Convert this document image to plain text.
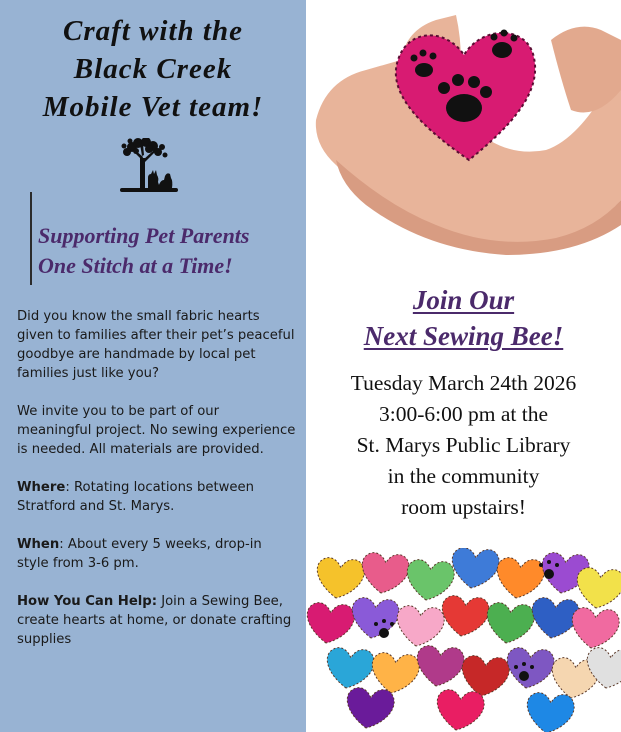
Craft with the
Black Creek
Mobile Vet team!
Supporting Pet Parents
One Stitch at a Time!

Did you know the small fabric hearts given to families after their pet’s peaceful goodbye are handmade by local pet families just like you?

We invite you to be part of our meaningful project. No sewing experience is needed. All materials are provided.

Where: Rotating locations between Stratford and St. Marys.

When: About every 5 weeks, drop-in style from 3-6 pm.

How You Can Help: Join a Sewing Bee, create hearts at home, or donate crafting supplies

Join Our
Next Sewing Bee!
Tuesday March 24th 2026
3:00-6:00 pm at the
St. Marys Public Library
in the community
room upstairs!
